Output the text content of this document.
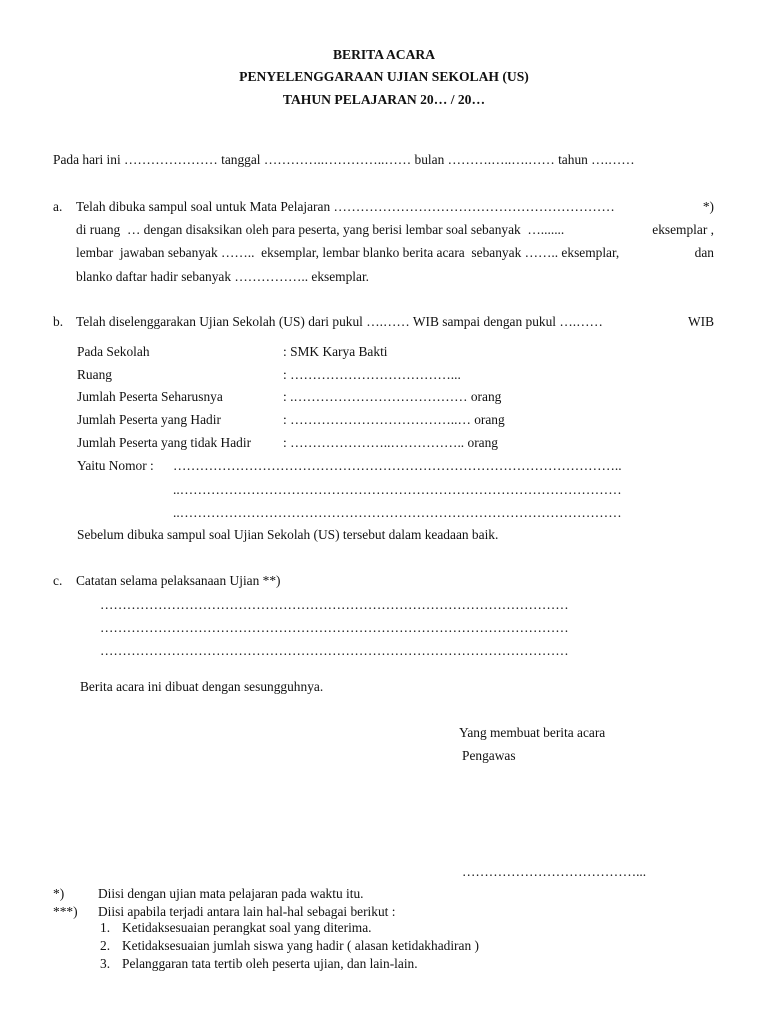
BERITA ACARA
PENYELENGGARAAN UJIAN SEKOLAH (US)
TAHUN PELAJARAN 20… / 20…
Pada hari ini ………………… tanggal …………..…………..…… bulan ……….…..….…… tahun ….……
a. Telah dibuka sampul soal untuk Mata Pelajaran ………………………………………………………	*)
di ruang  … dengan disaksikan oleh para peserta, yang berisi lembar soal sebanyak  ….......	eksemplar ,
lembar  jawaban sebanyak ……..  eksemplar, lembar blanko berita acara  sebanyak …….. eksemplar,	dan
blanko daftar hadir sebanyak …………….. eksemplar.
b. Telah diselenggarakan Ujian Sekolah (US) dari pukul ….…… WIB sampai dengan pukul ….……	WIB
Pada Sekolah	: SMK Karya Bakti
Ruang	: ………………………………...
Jumlah Peserta Seharusnya	: .………………………………… orang
Jumlah Peserta yang Hadir	: ………………………………..… orang
Jumlah Peserta yang tidak Hadir : …………………..…………….. orang
Yaitu Nomor : ………………………………………………………………………………………..
..………………………………………………………………………………………
..………………………………………………………………………………………
Sebelum dibuka sampul soal Ujian Sekolah (US) tersebut dalam keadaan baik.
c. Catatan selama pelaksanaan Ujian **)
……………………………………………………………………………………………
……………………………………………………………………………………………
……………………………………………………………………………………………
Berita acara ini dibuat dengan sesungguhnya.
Yang membuat berita acara
Pengawas
…………………………………...
*)	Diisi dengan ujian mata pelajaran pada waktu itu.
***) Diisi apabila terjadi antara lain hal-hal sebagai berikut :
1. Ketidaksesuaian perangkat soal yang diterima.
2. Ketidaksesuaian jumlah siswa yang hadir ( alasan ketidakhadiran )
3. Pelanggaran tata tertib oleh peserta ujian, dan lain-lain.
